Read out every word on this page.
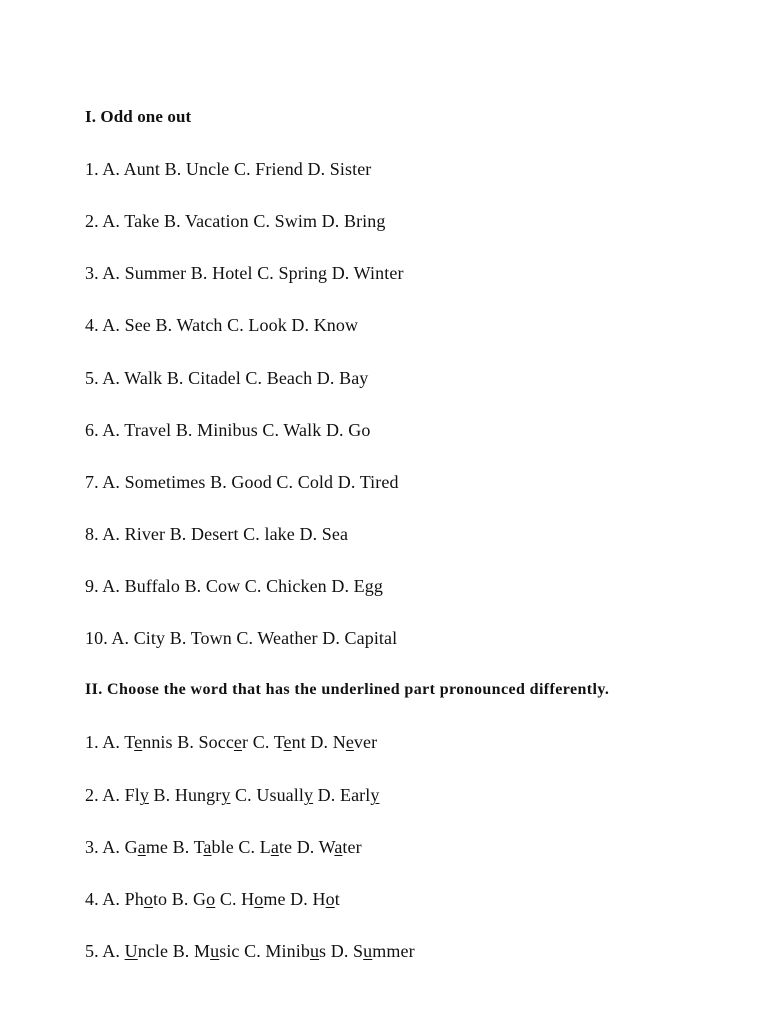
I. Odd one out
1. A. Aunt B. Uncle C. Friend D. Sister
2. A. Take B. Vacation C. Swim D. Bring
3. A. Summer B. Hotel C. Spring D. Winter
4. A. See B. Watch C. Look D. Know
5. A. Walk B. Citadel C. Beach D. Bay
6. A. Travel B. Minibus C. Walk D. Go
7. A. Sometimes B. Good C. Cold D. Tired
8. A. River B. Desert C. lake D. Sea
9. A. Buffalo B. Cow C. Chicken D. Egg
10. A. City B. Town C. Weather D. Capital
II. Choose the word that has the underlined part pronounced differently.
1. A. Tennis B. Soccer C. Tent D. Never
2. A. Fly B. Hungry C. Usually D. Early
3. A. Game B. Table C. Late D. Water
4. A. Photo B. Go C. Home D. Hot
5. A. Uncle B. Music C. Minibus D. Summer
